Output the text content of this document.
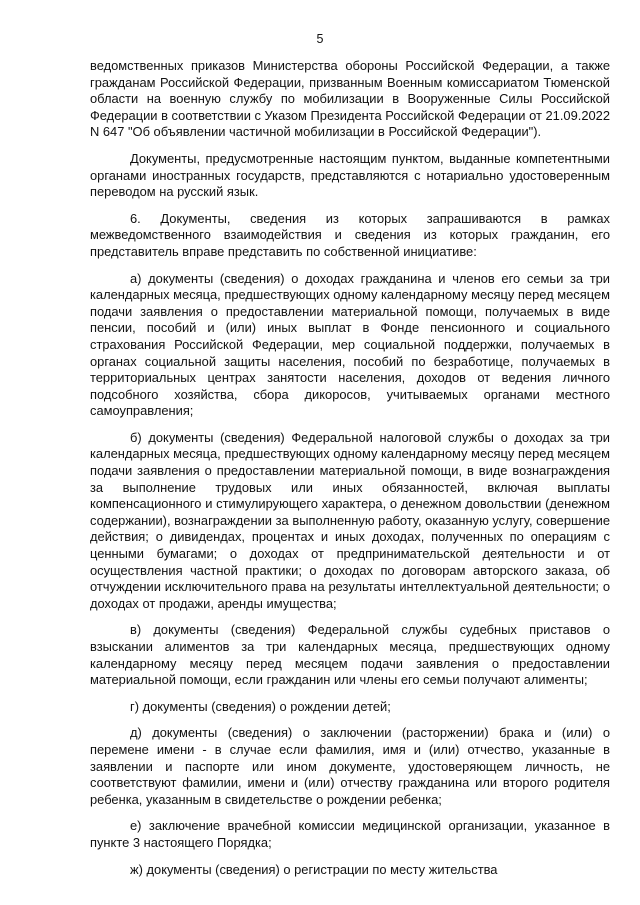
5

ведомственных приказов Министерства обороны Российской Федерации, а также гражданам Российской Федерации, призванным Военным комиссариатом Тюменской области на военную службу по мобилизации в Вооруженные Силы Российской Федерации в соответствии с Указом Президента Российской Федерации от 21.09.2022 N 647 "Об объявлении частичной мобилизации в Российской Федерации").

Документы, предусмотренные настоящим пунктом, выданные компетентными органами иностранных государств, представляются с нотариально удостоверенным переводом на русский язык.

6. Документы, сведения из которых запрашиваются в рамках межведомственного взаимодействия и сведения из которых гражданин, его представитель вправе представить по собственной инициативе:

а) документы (сведения) о доходах гражданина и членов его семьи за три календарных месяца, предшествующих одному календарному месяцу перед месяцем подачи заявления о предоставлении материальной помощи, получаемых в виде пенсии, пособий и (или) иных выплат в Фонде пенсионного и социального страхования Российской Федерации, мер социальной поддержки, получаемых в органах социальной защиты населения, пособий по безработице, получаемых в территориальных центрах занятости населения, доходов от ведения личного подсобного хозяйства, сбора дикоросов, учитываемых органами местного самоуправления;

б) документы (сведения) Федеральной налоговой службы о доходах за три календарных месяца, предшествующих одному календарному месяцу перед месяцем подачи заявления о предоставлении материальной помощи, в виде вознаграждения за выполнение трудовых или иных обязанностей, включая выплаты компенсационного и стимулирующего характера, о денежном довольствии (денежном содержании), вознаграждении за выполненную работу, оказанную услугу, совершение действия; о дивидендах, процентах и иных доходах, полученных по операциям с ценными бумагами; о доходах от предпринимательской деятельности и от осуществления частной практики; о доходах по договорам авторского заказа, об отчуждении исключительного права на результаты интеллектуальной деятельности; о доходах от продажи, аренды имущества;

в) документы (сведения) Федеральной службы судебных приставов о взыскании алиментов за три календарных месяца, предшествующих одному календарному месяцу перед месяцем подачи заявления о предоставлении материальной помощи, если гражданин или члены его семьи получают алименты;

г) документы (сведения) о рождении детей;

д) документы (сведения) о заключении (расторжении) брака и (или) о перемене имени - в случае если фамилия, имя и (или) отчество, указанные в заявлении и паспорте или ином документе, удостоверяющем личность, не соответствуют фамилии, имени и (или) отчеству гражданина или второго родителя ребенка, указанным в свидетельстве о рождении ребенка;

е) заключение врачебной комиссии медицинской организации, указанное в пункте 3 настоящего Порядка;

ж) документы (сведения) о регистрации по месту жительства
